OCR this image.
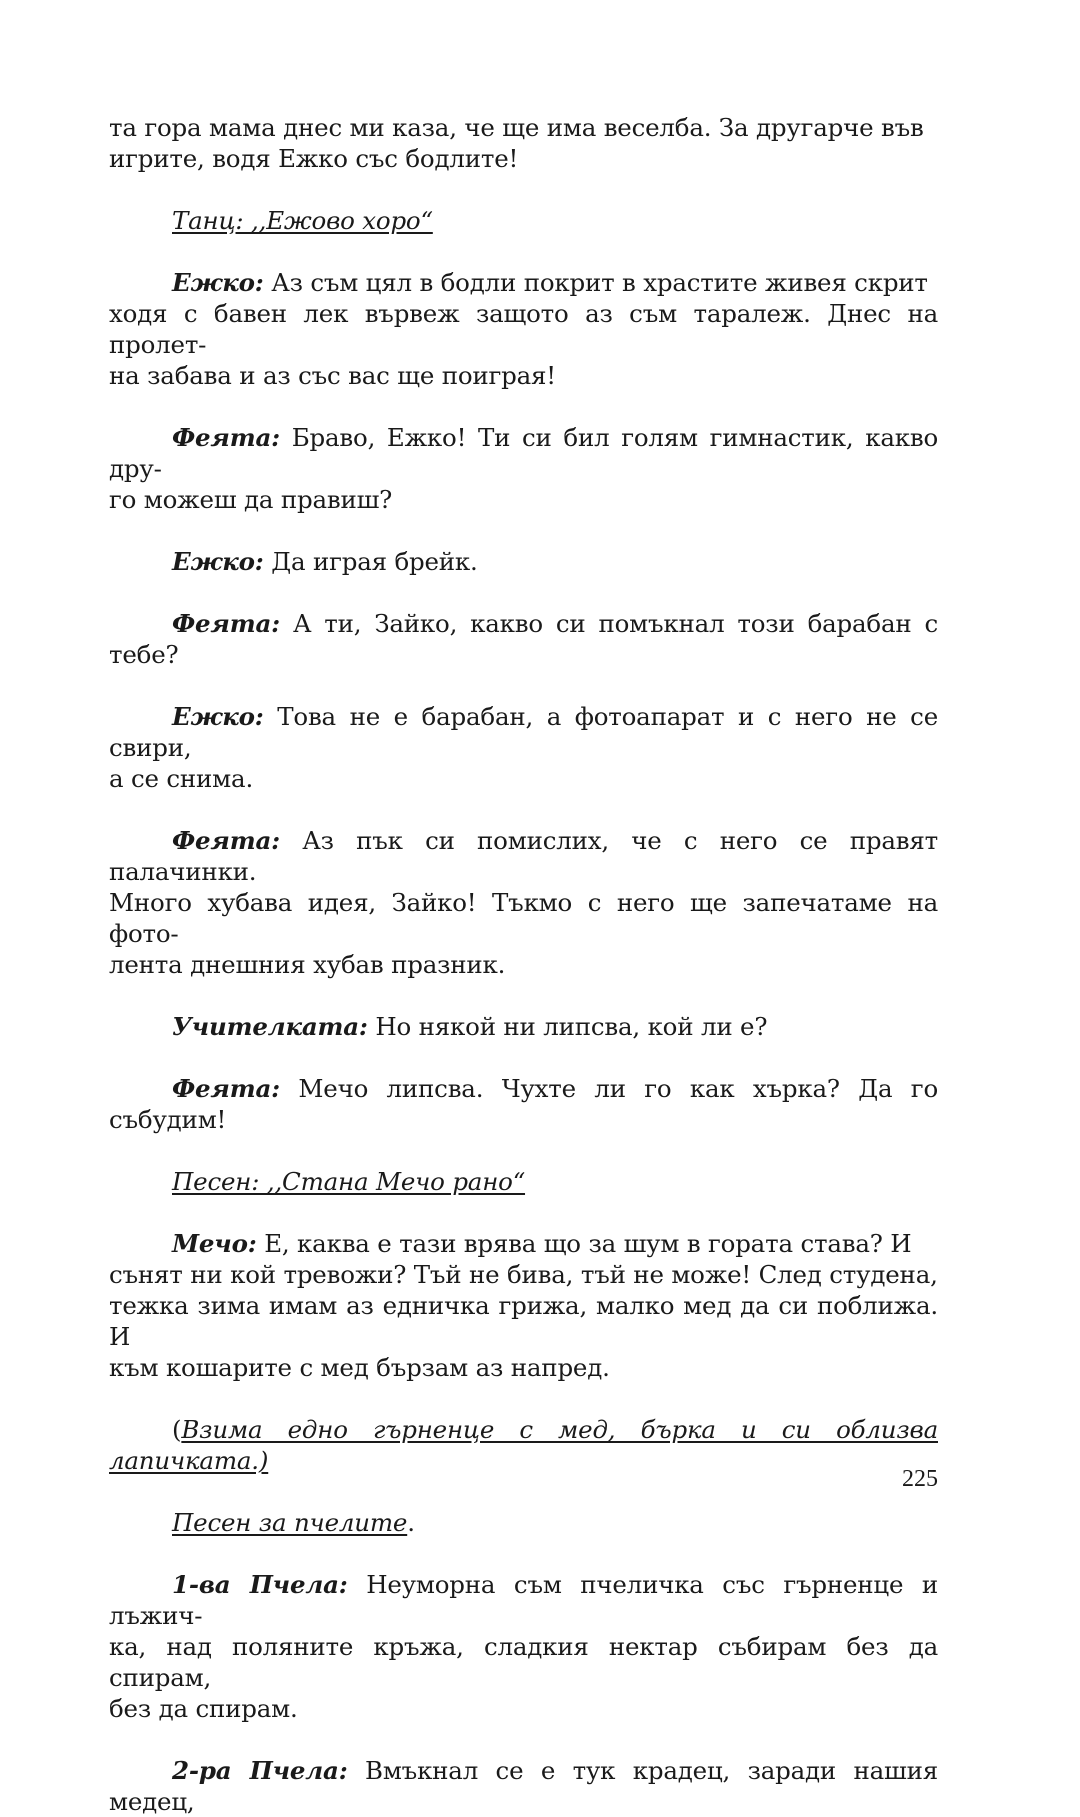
та гора мама днес ми каза, че ще има веселба. За другарче във
игрите, водя Ежко със бодлите!

Танц: ,,Ежово хоро“

Ежко: Аз съм цял в бодли покрит в храстите живея скрит
ходя с бавен лек вървеж защото аз съм таралеж. Днес на пролет-
на забава и аз със вас ще поиграя!

Феята: Браво, Ежко! Ти си бил голям гимнастик, какво дру-
го можеш да правиш?

Ежко: Да играя брейк.

Феята: А ти, Зайко, какво си помъкнал този барабан с тебе?

Ежко: Това не е барабан, а фотоапарат и с него не се свири,
а се снима.

Феята: Аз пък си помислих, че с него се правят палачинки.
Много хубава идея, Зайко! Тъкмо с него ще запечатаме на фото-
лента днешния хубав празник.

Учителката: Но някой ни липсва, кой ли е?

Феята: Мечо липсва. Чухте ли го как хърка? Да го събудим!

Песен: ,,Стана Мечо рано“

Мечо: Е, каква е тази врява що за шум в гората става? И
сънят ни кой тревожи? Тъй не бива, тъй не може! След студена,
тежка зима имам аз едничка грижа, малко мед да си поближа. И
към кошарите с мед бързам аз напред.

(Взима едно гърненце с мед, бърка и си облизва лапичката.)

Песен за пчелите.

1-ва Пчела: Неуморна съм пчеличка със гърненце и лъжич-
ка, над поляните кръжа, сладкия нектар събирам без да спирам,
без да спирам.

2-ра Пчела: Вмъкнал се е тук крадец, заради нашия медец,

225
